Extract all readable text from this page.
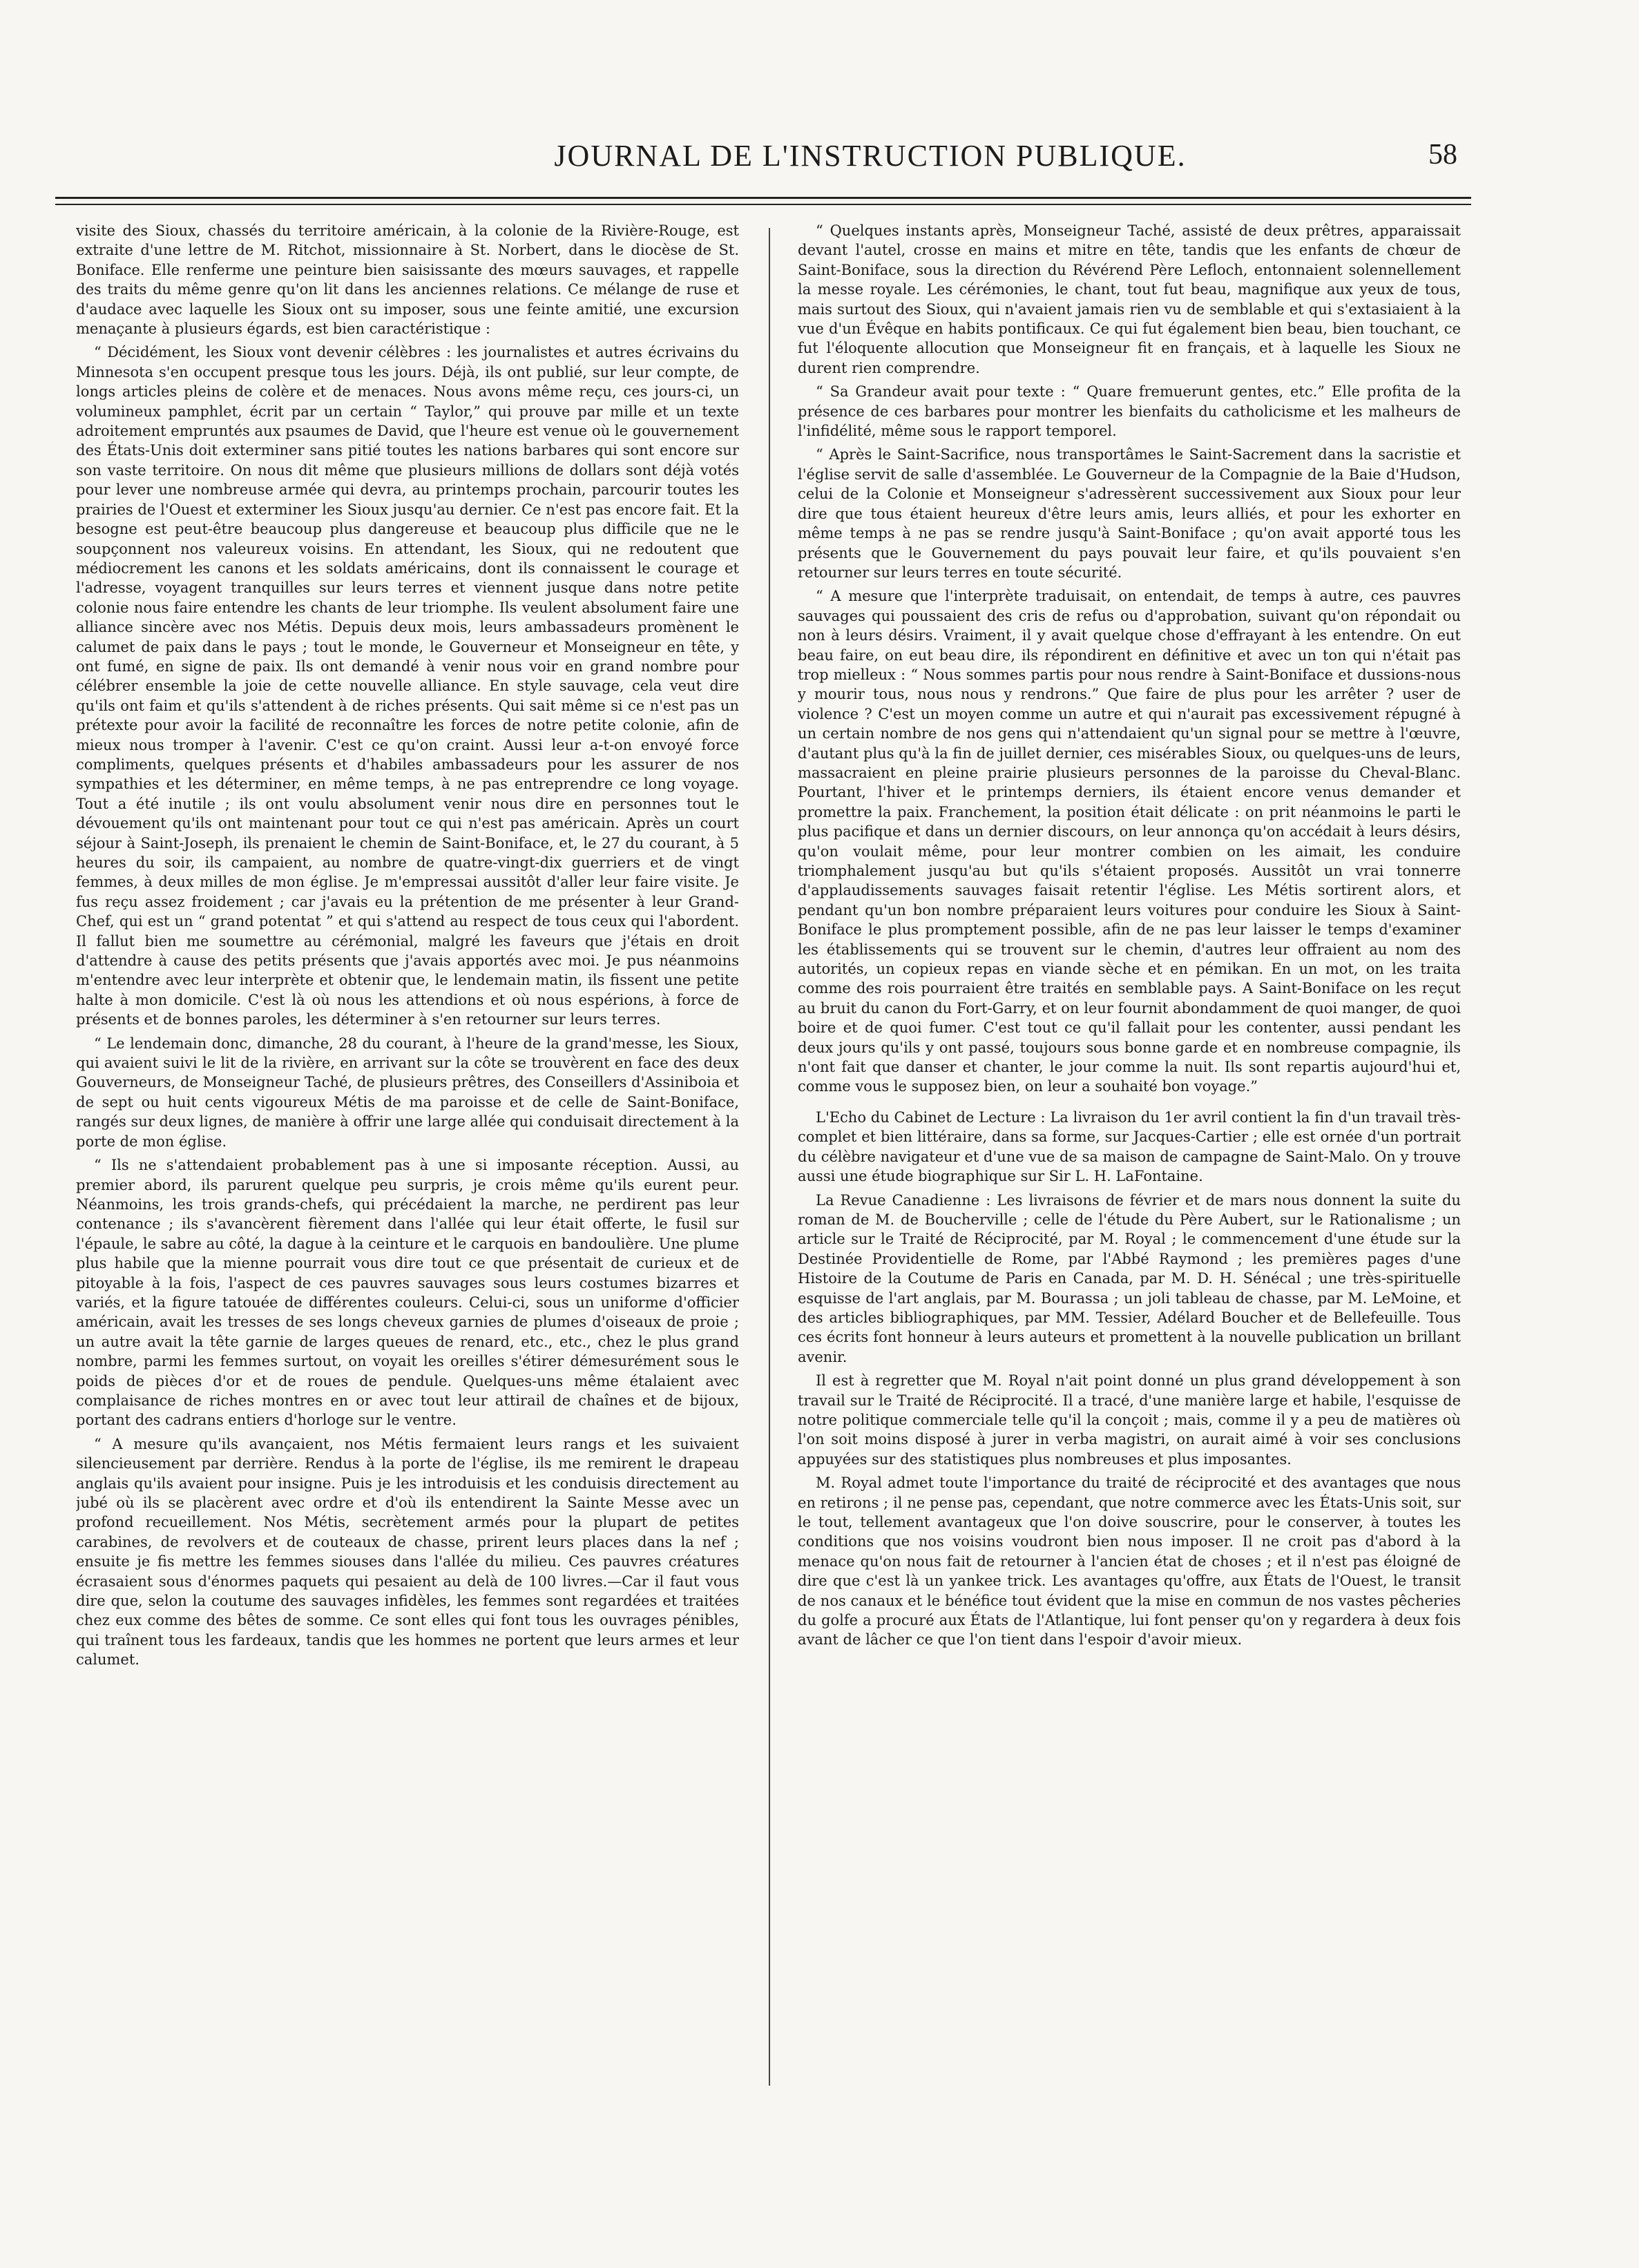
JOURNAL DE L'INSTRUCTION PUBLIQUE.	58

visite des Sioux, chassés du territoire américain, à la colonie de la Rivière-Rouge, est extraite d'une lettre de M. Ritchot, missionnaire à St. Norbert, dans le diocèse de St. Boniface. Elle renferme une peinture bien saisissante des mœurs sauvages, et rappelle des traits du même genre qu'on lit dans les anciennes relations. Ce mélange de ruse et d'audace avec laquelle les Sioux ont su imposer, sous une feinte amitié, une excursion menaçante à plusieurs égards, est bien caractéristique :

“ Décidément, les Sioux vont devenir célèbres : les journalistes et autres écrivains du Minnesota s'en occupent presque tous les jours. Déjà, ils ont publié, sur leur compte, de longs articles pleins de colère et de menaces. Nous avons même reçu, ces jours-ci, un volumineux pamphlet, écrit par un certain “ Taylor,” qui prouve par mille et un texte adroitement empruntés aux psaumes de David, que l'heure est venue où le gouvernement des États-Unis doit exterminer sans pitié toutes les nations barbares qui sont encore sur son vaste territoire. On nous dit même que plusieurs millions de dollars sont déjà votés pour lever une nombreuse armée qui devra, au printemps prochain, parcourir toutes les prairies de l'Ouest et exterminer les Sioux jusqu'au dernier. Ce n'est pas encore fait. Et la besogne est peut-être beaucoup plus dangereuse et beaucoup plus difficile que ne le soupçonnent nos valeureux voisins. En attendant, les Sioux, qui ne redoutent que médiocrement les canons et les soldats américains, dont ils connaissent le courage et l'adresse, voyagent tranquilles sur leurs terres et viennent jusque dans notre petite colonie nous faire entendre les chants de leur triomphe. Ils veulent absolument faire une alliance sincère avec nos Métis. Depuis deux mois, leurs ambassadeurs promènent le calumet de paix dans le pays ; tout le monde, le Gouverneur et Monseigneur en tête, y ont fumé, en signe de paix. Ils ont demandé à venir nous voir en grand nombre pour célébrer ensemble la joie de cette nouvelle alliance. En style sauvage, cela veut dire qu'ils ont faim et qu'ils s'attendent à de riches présents. Qui sait même si ce n'est pas un prétexte pour avoir la facilité de reconnaître les forces de notre petite colonie, afin de mieux nous tromper à l'avenir. C'est ce qu'on craint. Aussi leur a-t-on envoyé force compliments, quelques présents et d'habiles ambassadeurs pour les assurer de nos sympathies et les déterminer, en même temps, à ne pas entreprendre ce long voyage. Tout a été inutile ; ils ont voulu absolument venir nous dire en personnes tout le dévouement qu'ils ont maintenant pour tout ce qui n'est pas américain. Après un court séjour à Saint-Joseph, ils prenaient le chemin de Saint-Boniface, et, le 27 du courant, à 5 heures du soir, ils campaient, au nombre de quatre-vingt-dix guerriers et de vingt femmes, à deux milles de mon église. Je m'empressai aussitôt d'aller leur faire visite. Je fus reçu assez froidement ; car j'avais eu la prétention de me présenter à leur Grand-Chef, qui est un “ grand potentat ” et qui s'attend au respect de tous ceux qui l'abordent. Il fallut bien me soumettre au cérémonial, malgré les faveurs que j'étais en droit d'attendre à cause des petits présents que j'avais apportés avec moi. Je pus néanmoins m'entendre avec leur interprète et obtenir que, le lendemain matin, ils fissent une petite halte à mon domicile. C'est là où nous les attendions et où nous espérions, à force de présents et de bonnes paroles, les déterminer à s'en retourner sur leurs terres.

“ Le lendemain donc, dimanche, 28 du courant, à l'heure de la grand'messe, les Sioux, qui avaient suivi le lit de la rivière, en arrivant sur la côte se trouvèrent en face des deux Gouverneurs, de Monseigneur Taché, de plusieurs prêtres, des Conseillers d'Assiniboia et de sept ou huit cents vigoureux Métis de ma paroisse et de celle de Saint-Boniface, rangés sur deux lignes, de manière à offrir une large allée qui conduisait directement à la porte de mon église.

“ Ils ne s'attendaient probablement pas à une si imposante réception. Aussi, au premier abord, ils parurent quelque peu surpris, je crois même qu'ils eurent peur. Néanmoins, les trois grands-chefs, qui précédaient la marche, ne perdirent pas leur contenance ; ils s'avancèrent fièrement dans l'allée qui leur était offerte, le fusil sur l'épaule, le sabre au côté, la dague à la ceinture et le carquois en bandoulière. Une plume plus habile que la mienne pourrait vous dire tout ce que présentait de curieux et de pitoyable à la fois, l'aspect de ces pauvres sauvages sous leurs costumes bizarres et variés, et la figure tatouée de différentes couleurs. Celui-ci, sous un uniforme d'officier américain, avait les tresses de ses longs cheveux garnies de plumes d'oiseaux de proie ; un autre avait la tête garnie de larges queues de renard, etc., etc., chez le plus grand nombre, parmi les femmes surtout, on voyait les oreilles s'étirer démesurément sous le poids de pièces d'or et de roues de pendule. Quelques-uns même étalaient avec complaisance de riches montres en or avec tout leur attirail de chaînes et de bijoux, portant des cadrans entiers d'horloge sur le ventre.

“ A mesure qu'ils avançaient, nos Métis fermaient leurs rangs et les suivaient silencieusement par derrière. Rendus à la porte de l'église, ils me remirent le drapeau anglais qu'ils avaient pour insigne. Puis je les introduisis et les conduisis directement au jubé où ils se placèrent avec ordre et d'où ils entendirent la Sainte Messe avec un profond recueillement. Nos Métis, secrètement armés pour la plupart de petites carabines, de revolvers et de couteaux de chasse, prirent leurs places dans la nef ; ensuite je fis mettre les femmes siouses dans l'allée du milieu. Ces pauvres créatures écrasaient sous d'énormes paquets qui pesaient au delà de 100 livres.—Car il faut vous dire que, selon la coutume des sauvages infidèles, les femmes sont regardées et traitées chez eux comme des bêtes de somme. Ce sont elles qui font tous les ouvrages pénibles, qui traînent tous les fardeaux, tandis que les hommes ne portent que leurs armes et leur calumet.

“ Quelques instants après, Monseigneur Taché, assisté de deux prêtres, apparaissait devant l'autel, crosse en mains et mitre en tête, tandis que les enfants de chœur de Saint-Boniface, sous la direction du Révérend Père Lefloch, entonnaient solennellement la messe royale. Les cérémonies, le chant, tout fut beau, magnifique aux yeux de tous, mais surtout des Sioux, qui n'avaient jamais rien vu de semblable et qui s'extasiaient à la vue d'un Évêque en habits pontificaux. Ce qui fut également bien beau, bien touchant, ce fut l'éloquente allocution que Monseigneur fit en français, et à laquelle les Sioux ne durent rien comprendre.

“ Sa Grandeur avait pour texte : “ Quare fremuerunt gentes, etc.” Elle profita de la présence de ces barbares pour montrer les bienfaits du catholicisme et les malheurs de l'infidélité, même sous le rapport temporel.

“ Après le Saint-Sacrifice, nous transportâmes le Saint-Sacrement dans la sacristie et l'église servit de salle d'assemblée. Le Gouverneur de la Compagnie de la Baie d'Hudson, celui de la Colonie et Monseigneur s'adressèrent successivement aux Sioux pour leur dire que tous étaient heureux d'être leurs amis, leurs alliés, et pour les exhorter en même temps à ne pas se rendre jusqu'à Saint-Boniface ; qu'on avait apporté tous les présents que le Gouvernement du pays pouvait leur faire, et qu'ils pouvaient s'en retourner sur leurs terres en toute sécurité.

“ A mesure que l'interprète traduisait, on entendait, de temps à autre, ces pauvres sauvages qui poussaient des cris de refus ou d'approbation, suivant qu'on répondait ou non à leurs désirs. Vraiment, il y avait quelque chose d'effrayant à les entendre. On eut beau faire, on eut beau dire, ils répondirent en définitive et avec un ton qui n'était pas trop mielleux : “ Nous sommes partis pour nous rendre à Saint-Boniface et dussions-nous y mourir tous, nous nous y rendrons.” Que faire de plus pour les arrêter ? user de violence ? C'est un moyen comme un autre et qui n'aurait pas excessivement répugné à un certain nombre de nos gens qui n'attendaient qu'un signal pour se mettre à l'œuvre, d'autant plus qu'à la fin de juillet dernier, ces misérables Sioux, ou quelques-uns de leurs, massacraient en pleine prairie plusieurs personnes de la paroisse du Cheval-Blanc. Pourtant, l'hiver et le printemps derniers, ils étaient encore venus demander et promettre la paix. Franchement, la position était délicate : on prit néanmoins le parti le plus pacifique et dans un dernier discours, on leur annonça qu'on accédait à leurs désirs, qu'on voulait même, pour leur montrer combien on les aimait, les conduire triomphalement jusqu'au but qu'ils s'étaient proposés. Aussitôt un vrai tonnerre d'applaudissements sauvages faisait retentir l'église. Les Métis sortirent alors, et pendant qu'un bon nombre préparaient leurs voitures pour conduire les Sioux à Saint-Boniface le plus promptement possible, afin de ne pas leur laisser le temps d'examiner les établissements qui se trouvent sur le chemin, d'autres leur offraient au nom des autorités, un copieux repas en viande sèche et en pémikan. En un mot, on les traita comme des rois pourraient être traités en semblable pays. A Saint-Boniface on les reçut au bruit du canon du Fort-Garry, et on leur fournit abondamment de quoi manger, de quoi boire et de quoi fumer. C'est tout ce qu'il fallait pour les contenter, aussi pendant les deux jours qu'ils y ont passé, toujours sous bonne garde et en nombreuse compagnie, ils n'ont fait que danser et chanter, le jour comme la nuit. Ils sont repartis aujourd'hui et, comme vous le supposez bien, on leur a souhaité bon voyage.”

L'Echo du Cabinet de Lecture : La livraison du 1er avril contient la fin d'un travail très-complet et bien littéraire, dans sa forme, sur Jacques-Cartier ; elle est ornée d'un portrait du célèbre navigateur et d'une vue de sa maison de campagne de Saint-Malo. On y trouve aussi une étude biographique sur Sir L. H. LaFontaine.

La Revue Canadienne : Les livraisons de février et de mars nous donnent la suite du roman de M. de Boucherville ; celle de l'étude du Père Aubert, sur le Rationalisme ; un article sur le Traité de Réciprocité, par M. Royal ; le commencement d'une étude sur la Destinée Providentielle de Rome, par l'Abbé Raymond ; les premières pages d'une Histoire de la Coutume de Paris en Canada, par M. D. H. Sénécal ; une très-spirituelle esquisse de l'art anglais, par M. Bourassa ; un joli tableau de chasse, par M. LeMoine, et des articles bibliographiques, par MM. Tessier, Adélard Boucher et de Bellefeuille. Tous ces écrits font honneur à leurs auteurs et promettent à la nouvelle publication un brillant avenir.

Il est à regretter que M. Royal n'ait point donné un plus grand développement à son travail sur le Traité de Réciprocité. Il a tracé, d'une manière large et habile, l'esquisse de notre politique commerciale telle qu'il la conçoit ; mais, comme il y a peu de matières où l'on soit moins disposé à jurer in verba magistri, on aurait aimé à voir ses conclusions appuyées sur des statistiques plus nombreuses et plus imposantes.

M. Royal admet toute l'importance du traité de réciprocité et des avantages que nous en retirons ; il ne pense pas, cependant, que notre commerce avec les États-Unis soit, sur le tout, tellement avantageux que l'on doive souscrire, pour le conserver, à toutes les conditions que nos voisins voudront bien nous imposer. Il ne croit pas d'abord à la menace qu'on nous fait de retourner à l'ancien état de choses ; et il n'est pas éloigné de dire que c'est là un yankee trick. Les avantages qu'offre, aux États de l'Ouest, le transit de nos canaux et le bénéfice tout évident que la mise en commun de nos vastes pêcheries du golfe a procuré aux États de l'Atlantique, lui font penser qu'on y regardera à deux fois avant de lâcher ce que l'on tient dans l'espoir d'avoir mieux.
